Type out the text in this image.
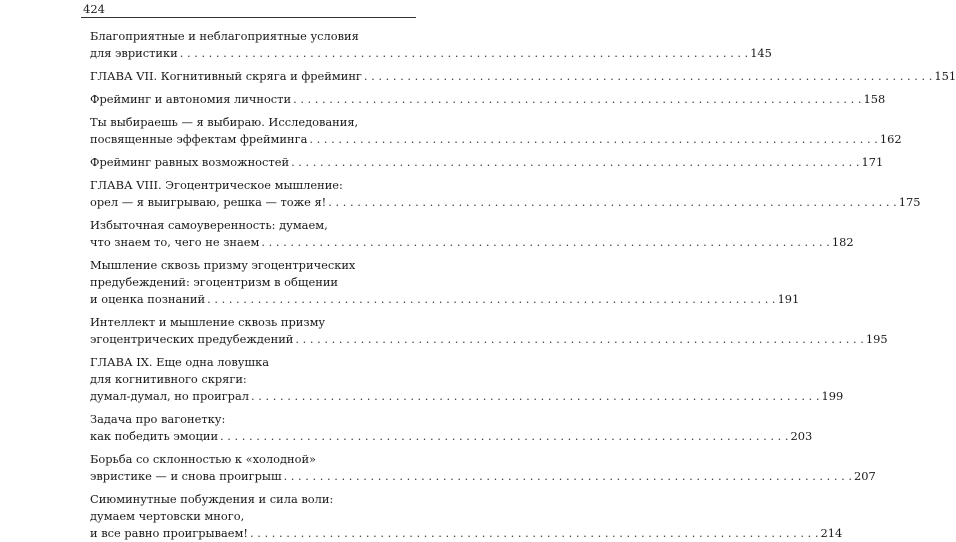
424
Благоприятные и неблагоприятные условия
для эвристики . . . . . . . . . . . . . . . . . . . . . . . . . . . . . . . . . . . . . . . . . . . . . . . . . . . . . . . . . . . . . . . . . . . . . . . . . . . . . . . 145
ГЛАВА VII. Когнитивный скряга и фрейминг . . . . . . . . . . . . . . . . . . . . . . . . . . . . . . . . . . . . . . . . . . . . . . . . . . . . . . . . . . . . . . . . . . . . . . . . . . . . . . . 151
Фрейминг и автономия личности . . . . . . . . . . . . . . . . . . . . . . . . . . . . . . . . . . . . . . . . . . . . . . . . . . . . . . . . . . . . . . . . . . . . . . . . . . . . . . . 158
Ты выбираешь — я выбираю. Исследования,
посвященные эффектам фрейминга . . . . . . . . . . . . . . . . . . . . . . . . . . . . . . . . . . . . . . . . . . . . . . . . . . . . . . . . . . . . . . . . . . . . . . . . . . . . . . . 162
Фрейминг равных возможностей . . . . . . . . . . . . . . . . . . . . . . . . . . . . . . . . . . . . . . . . . . . . . . . . . . . . . . . . . . . . . . . . . . . . . . . . . . . . . . . 171
ГЛАВА VIII. Эгоцентрическое мышление:
орел — я выигрываю, решка — тоже я! . . . . . . . . . . . . . . . . . . . . . . . . . . . . . . . . . . . . . . . . . . . . . . . . . . . . . . . . . . . . . . . . . . . . . . . . . . . . . . . 175
Избыточная самоуверенность: думаем,
что знаем то, чего не знаем . . . . . . . . . . . . . . . . . . . . . . . . . . . . . . . . . . . . . . . . . . . . . . . . . . . . . . . . . . . . . . . . . . . . . . . . . . . . . . . 182
Мышление сквозь призму эгоцентрических
предубеждений: эгоцентризм в общении
и оценка познаний . . . . . . . . . . . . . . . . . . . . . . . . . . . . . . . . . . . . . . . . . . . . . . . . . . . . . . . . . . . . . . . . . . . . . . . . . . . . . . . 191
Интеллект и мышление сквозь призму
эгоцентрических предубеждений . . . . . . . . . . . . . . . . . . . . . . . . . . . . . . . . . . . . . . . . . . . . . . . . . . . . . . . . . . . . . . . . . . . . . . . . . . . . . . . 195
ГЛАВА IX. Еще одна ловушка
для когнитивного скряги:
думал-думал, но проиграл . . . . . . . . . . . . . . . . . . . . . . . . . . . . . . . . . . . . . . . . . . . . . . . . . . . . . . . . . . . . . . . . . . . . . . . . . . . . . . . 199
Задача про вагонетку:
как победить эмоции . . . . . . . . . . . . . . . . . . . . . . . . . . . . . . . . . . . . . . . . . . . . . . . . . . . . . . . . . . . . . . . . . . . . . . . . . . . . . . . 203
Борьба со склонностью к «холодной»
эвристике — и снова проигрыш . . . . . . . . . . . . . . . . . . . . . . . . . . . . . . . . . . . . . . . . . . . . . . . . . . . . . . . . . . . . . . . . . . . . . . . . . . . . . . . 207
Сиюминутные побуждения и сила воли:
думаем чертовски много,
и все равно проигрываем! . . . . . . . . . . . . . . . . . . . . . . . . . . . . . . . . . . . . . . . . . . . . . . . . . . . . . . . . . . . . . . . . . . . . . . . . . . . . . . . 214
